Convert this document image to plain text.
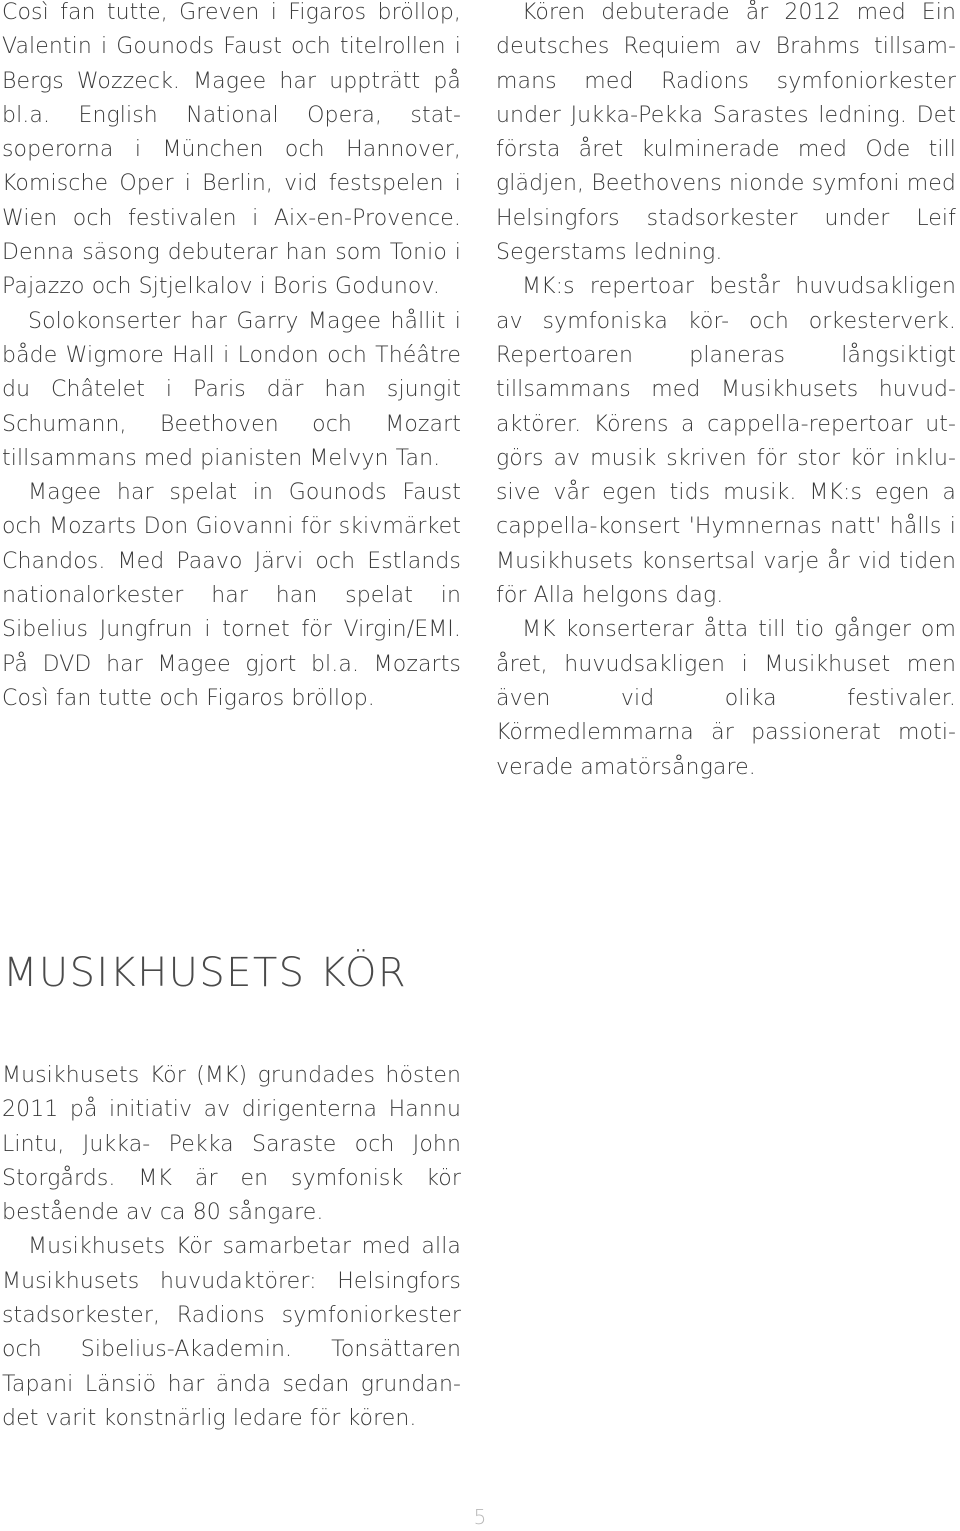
Così fan tutte, Greven i Figaros bröllop, Valentin i Gounods Faust och titelrollen i Bergs Wozzeck. Magee har uppträtt på bl.a. English National Opera, statsoperorna i München och Hannover, Komische Oper i Berlin, vid festspelen i Wien och festivalen i Aix-en-Provence. Denna säsong debuterar han som Tonio i Pajazzo och Sjtjelkalov i Boris Godunov.

Solokonserter har Garry Magee hållit i både Wigmore Hall i London och Théâtre du Châtelet i Paris där han sjungit Schumann, Beethoven och Mozart tillsammans med pianisten Melvyn Tan.

Magee har spelat in Gounods Faust och Mozarts Don Giovanni för skivmärket Chandos. Med Paavo Järvi och Estlands nationalorkester har han spelat in Sibelius Jungfrun i tornet för Virgin/EMI. På DVD har Magee gjort bl.a. Mozarts Così fan tutte och Figaros bröllop.

Kören debuterade år 2012 med Ein deutsches Requiem av Brahms tillsammans med Radions symfoniorkester under Jukka-Pekka Sarastes ledning. Det första året kulminerade med Ode till glädjen, Beethovens nionde symfoni med Helsingfors stadsorkester under Leif Segerstams ledning.

MK:s repertoar består huvudsakligen av symfoniska kör- och orkesterverk. Repertoaren planeras långsiktigt tillsammans med Musikhusets huvudaktörer. Körens a cappella-repertoar utgörs av musik skriven för stor kör inklusive vår egen tids musik. MK:s egen a cappella-konsert 'Hymnernas natt' hålls i Musikhusets konsertsal varje år vid tiden för Alla helgons dag.

MK konserterar åtta till tio gånger om året, huvudsakligen i Musikhuset men även vid olika festivaler. Körmedlemmarna är passionerat motiverade amatörsångare.

MUSIKHUSETS KÖR

Musikhusets Kör (MK) grundades hösten 2011 på initiativ av dirigenterna Hannu Lintu, Jukka- Pekka Saraste och John Storgårds. MK är en symfonisk kör bestående av ca 80 sångare.

Musikhusets Kör samarbetar med alla Musikhusets huvudaktörer: Helsingfors stadsorkester, Radions symfoniorkester och Sibelius-Akademin. Tonsättaren Tapani Länsiö har ända sedan grundandet varit konstnärlig ledare för kören.

5
